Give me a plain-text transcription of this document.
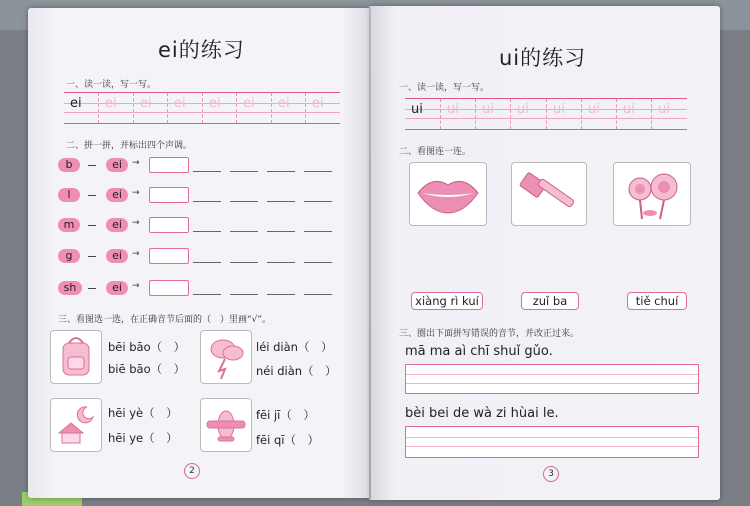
ei的练习
一、读一读，写一写。
ei ei ei ei ei ei ei ei
二、拼一拼，并标出四个声调。
b	ei	→
l	ei	→
m	ei	→
g	ei	→
sh	ei	→
三、看图选一选，在正确音节后面的（　）里画“√”。
bēi bāo（　）
biē bāo（　）
léi diàn（　）
néi diàn（　）
hēi yè（　）
hēi ye（　）
fēi jī（　）
fēi qī（　）
2
ui的练习
一、读一读，写一写。
ui ui ui ui ui ui ui ui
二、看图连一连。
xiàng rì kuí	zuǐ ba	tiě chuí
三、圈出下面拼写错误的音节，并改正过来。
mā ma aì chī shuǐ gǔo.
bèi bei de wà zi hùai le.
3
